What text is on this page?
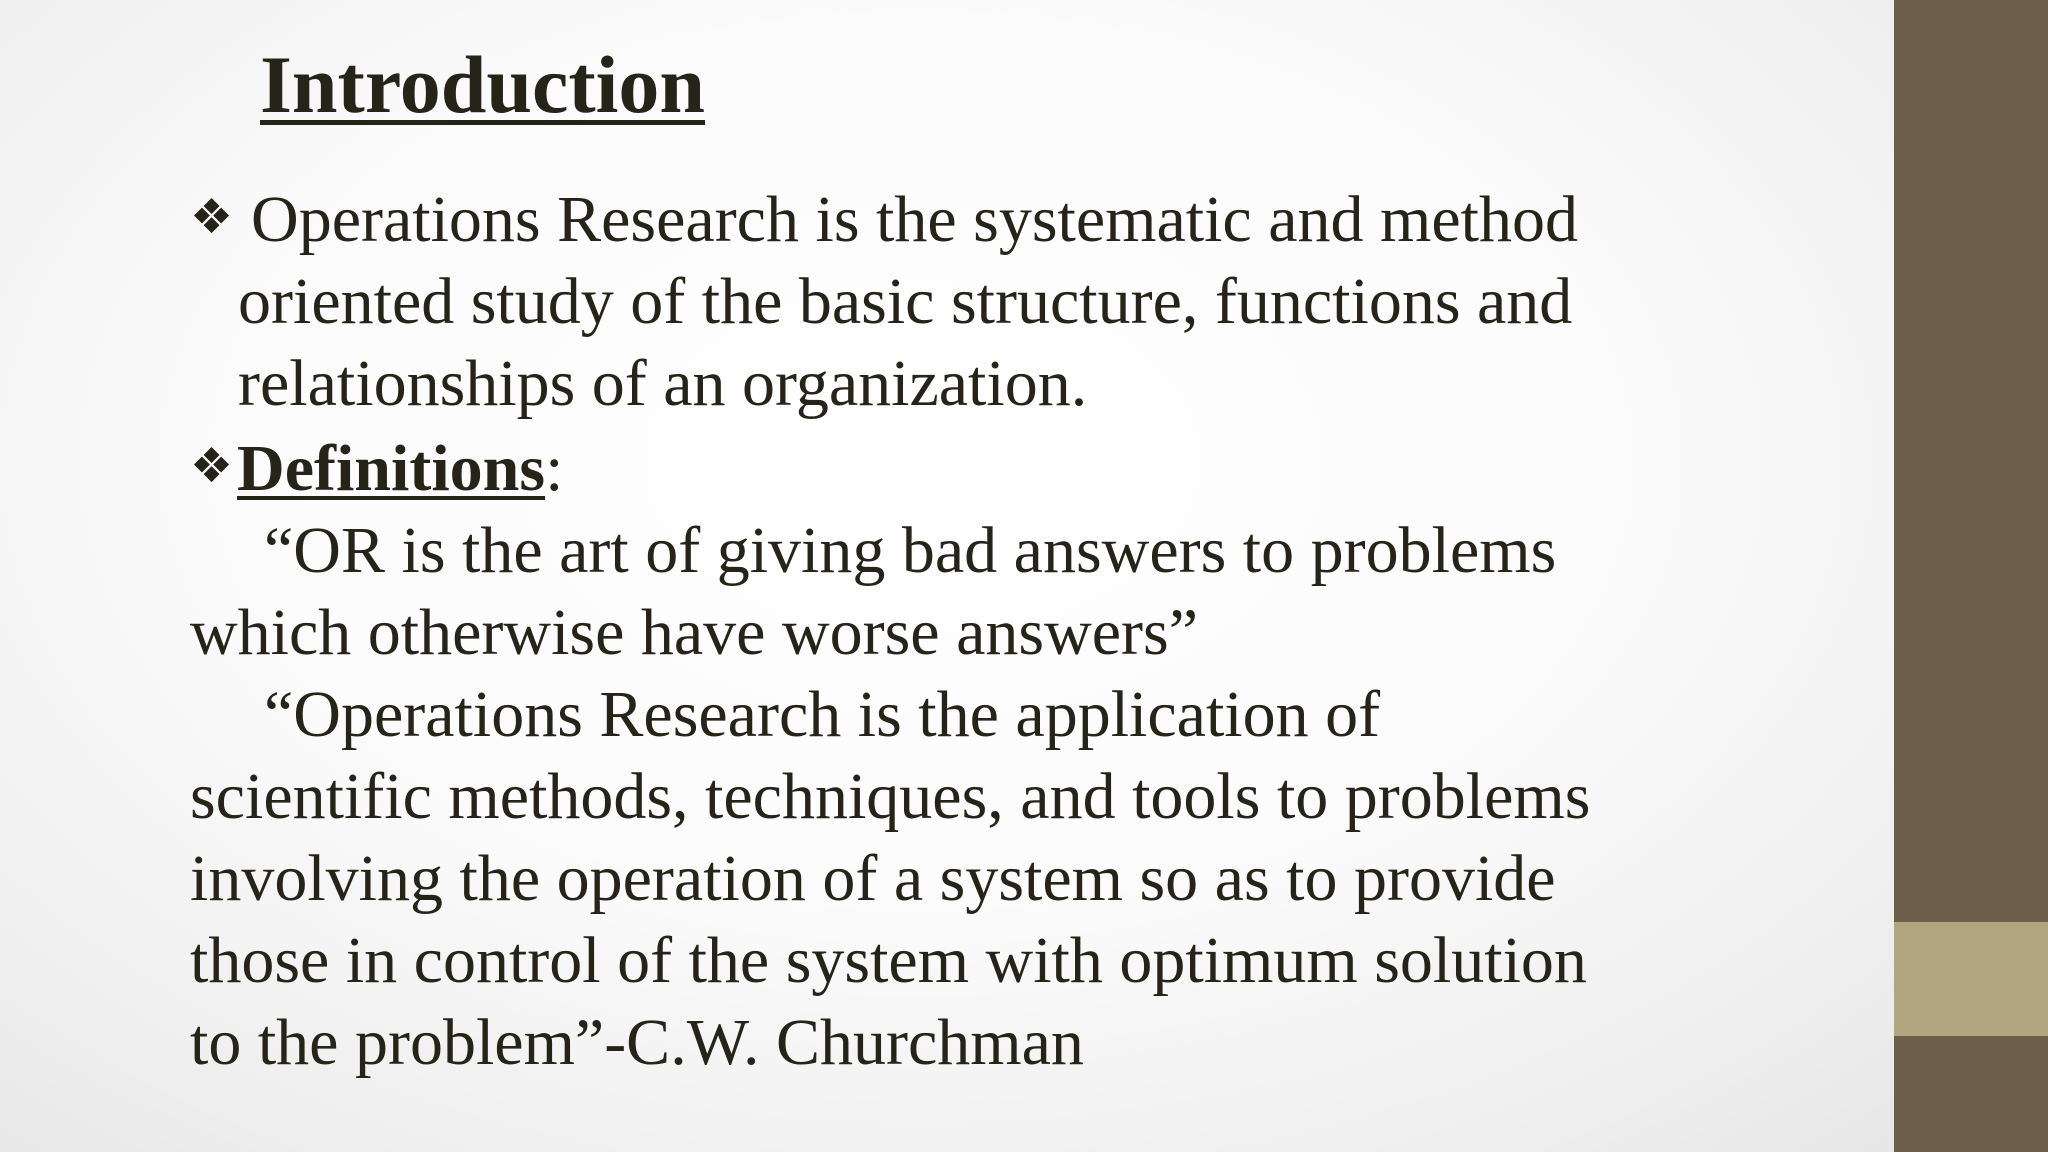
Introduction
❖ Operations Research is the systematic and method
oriented study of the basic structure, functions and
relationships of an organization.
❖Definitions:
“OR is the art of giving bad answers to problems
which otherwise have worse answers”
“Operations Research is the application of
scientific methods, techniques, and tools to problems
involving the operation of a system so as to provide
those in control of the system with optimum solution
to the problem”-C.W. Churchman
